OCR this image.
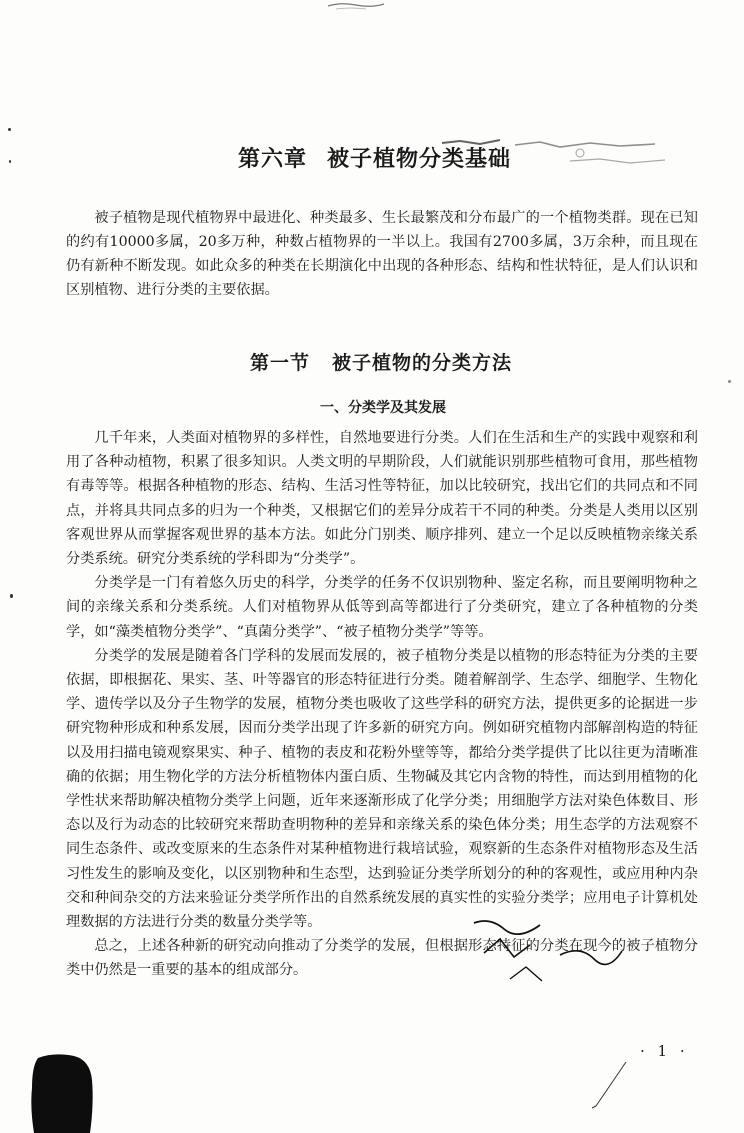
第六章 被子植物分类基础

被子植物是现代植物界中最进化、种类最多、生长最繁茂和分布最广的一个植物类群。现在已知的约有10000多属，20多万种，种数占植物界的一半以上。我国有2700多属，3万余种，而且现在仍有新种不断发现。如此众多的种类在长期演化中出现的各种形态、结构和性状特征，是人们认识和区别植物、进行分类的主要依据。

第一节 被子植物的分类方法
一、分类学及其发展

几千年来，人类面对植物界的多样性，自然地要进行分类。人们在生活和生产的实践中观察和利用了各种动植物，积累了很多知识。人类文明的早期阶段，人们就能识别那些植物可食用，那些植物有毒等等。根据各种植物的形态、结构、生活习性等特征，加以比较研究，找出它们的共同点和不同点，并将具共同点多的归为一个种类，又根据它们的差异分成若干不同的种类。分类是人类用以区别客观世界从而掌握客观世界的基本方法。如此分门别类、顺序排列、建立一个足以反映植物亲缘关系分类系统。研究分类系统的学科即为“分类学”。

分类学是一门有着悠久历史的科学，分类学的任务不仅识别物种、鉴定名称，而且要阐明物种之间的亲缘关系和分类系统。人们对植物界从低等到高等都进行了分类研究，建立了各种植物的分类学，如“藻类植物分类学”、“真菌分类学”、“被子植物分类学”等等。

分类学的发展是随着各门学科的发展而发展的，被子植物分类是以植物的形态特征为分类的主要依据，即根据花、果实、茎、叶等器官的形态特征进行分类。随着解剖学、生态学、细胞学、生物化学、遗传学以及分子生物学的发展，植物分类也吸收了这些学科的研究方法，提供更多的论据进一步研究物种形成和种系发展，因而分类学出现了许多新的研究方向。例如研究植物内部解剖构造的特征以及用扫描电镜观察果实、种子、植物的表皮和花粉外壁等等，都给分类学提供了比以往更为清晰准确的依据；用生物化学的方法分析植物体内蛋白质、生物碱及其它内含物的特性，而达到用植物的化学性状来帮助解决植物分类学上问题，近年来逐渐形成了化学分类；用细胞学方法对染色体数目、形态以及行为动态的比较研究来帮助查明物种的差异和亲缘关系的染色体分类；用生态学的方法观察不同生态条件、或改变原来的生态条件对某种植物进行栽培试验，观察新的生态条件对植物形态及生活习性发生的影响及变化，以区别物种和生态型，达到验证分类学所划分的种的客观性，或应用种内杂交和种间杂交的方法来验证分类学所作出的自然系统发展的真实性的实验分类学；应用电子计算机处理数据的方法进行分类的数量分类学等。

总之，上述各种新的研究动向推动了分类学的发展，但根据形态特征的分类在现今的被子植物分类中仍然是一重要的基本的组成部分。

· 1 ·
